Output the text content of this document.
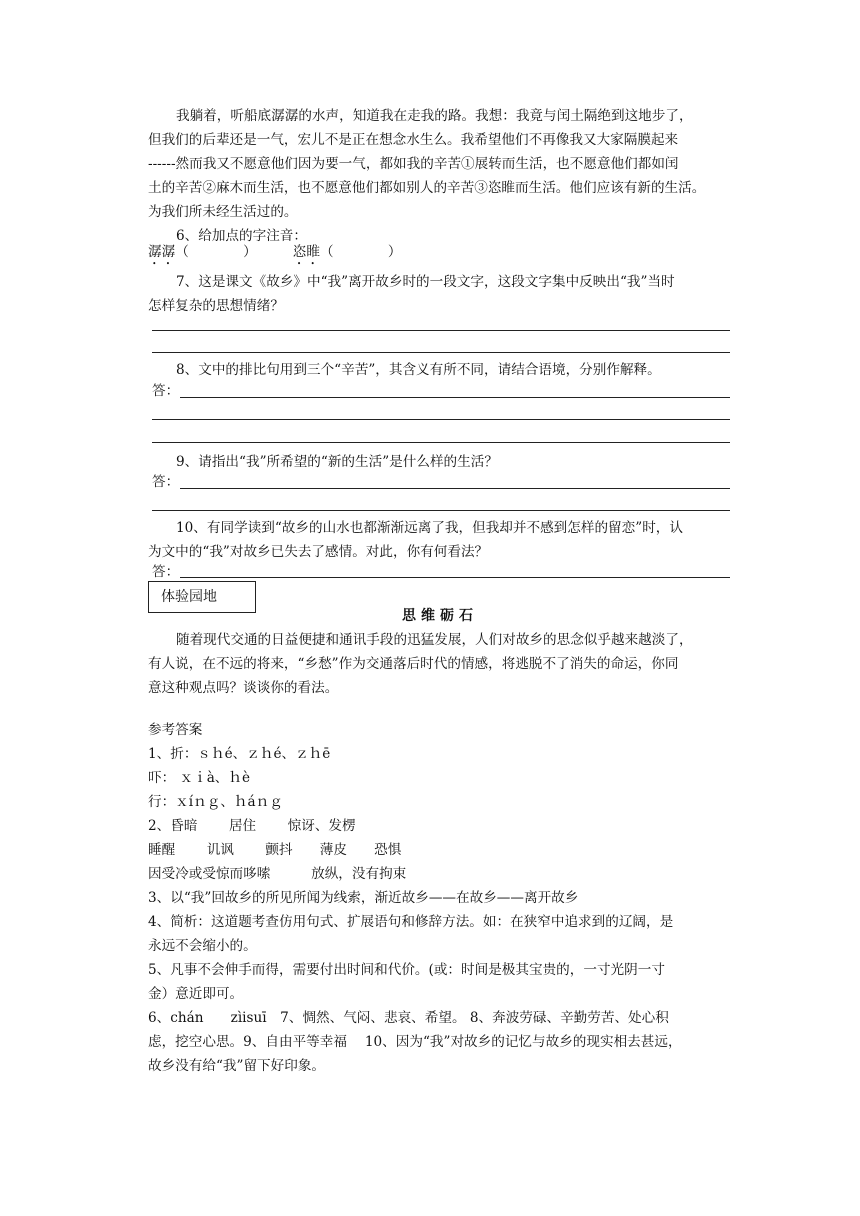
我躺着，听船底潺潺的水声，知道我在走我的路。我想：我竟与闰土隔绝到这地步了，

但我们的后辈还是一气，宏儿不是正在想念水生么。我希望他们不再像我又大家隔膜起来

------然而我又不愿意他们因为要一气，都如我的辛苦①展转而生活，也不愿意他们都如闰

土的辛苦②麻木而生活，也不愿意他们都如别人的辛苦③恣睢而生活。他们应该有新的生活。

为我们所未经生活过的。

6、给加点的字注音：

潺潺（　　　　）	恣睢（　　　　）

7、这是课文《故乡》中“我”离开故乡时的一段文字，这段文字集中反映出“我”当时

怎样复杂的思想情绪？

8、文中的排比句用到三个“辛苦”，其含义有所不同，请结合语境，分别作解释。

答：

9、请指出“我”所希望的“新的生活”是什么样的生活？

答：

10、有同学读到“故乡的山水也都渐渐远离了我，但我却并不感到怎样的留恋”时，认

为文中的“我”对故乡已失去了感情。对此，你有何看法？

答：
体验园地
思维砺石

随着现代交通的日益便捷和通讯手段的迅猛发展，人们对故乡的思念似乎越来越淡了，

有人说，在不远的将来，“乡愁”作为交通落后时代的情感，将逃脱不了消失的命运，你同

意这种观点吗？谈谈你的看法。

参考答案

1、折：ｓｈé、ｚｈé、ｚｈē

吓： ｘｉà、ｈè

行：ｘíｎｇ、ｈáｎｇ

2、昏暗　　 居住　　 惊讶、发楞

睡醒　　 讥讽　　 颤抖　　薄皮　　恐惧

因受冷或受惊而哆嗦　　　放纵，没有拘束

3、以“我”回故乡的所见所闻为线索，渐近故乡——在故乡——离开故乡

4、简析：这道题考查仿用句式、扩展语句和修辞方法。如：在狭窄中追求到的辽阔，是

永远不会缩小的。

5、凡事不会伸手而得，需要付出时间和代价。(或：时间是极其宝贵的，一寸光阴一寸

金）意近即可。

6、chán　　zìisuī　7、惆然、气闷、悲哀、希望。 8、奔波劳碌、辛勤劳苦、处心积

虑，挖空心思。9、自由平等幸福　 10、因为“我”对故乡的记忆与故乡的现实相去甚远，

故乡没有给“我”留下好印象。
